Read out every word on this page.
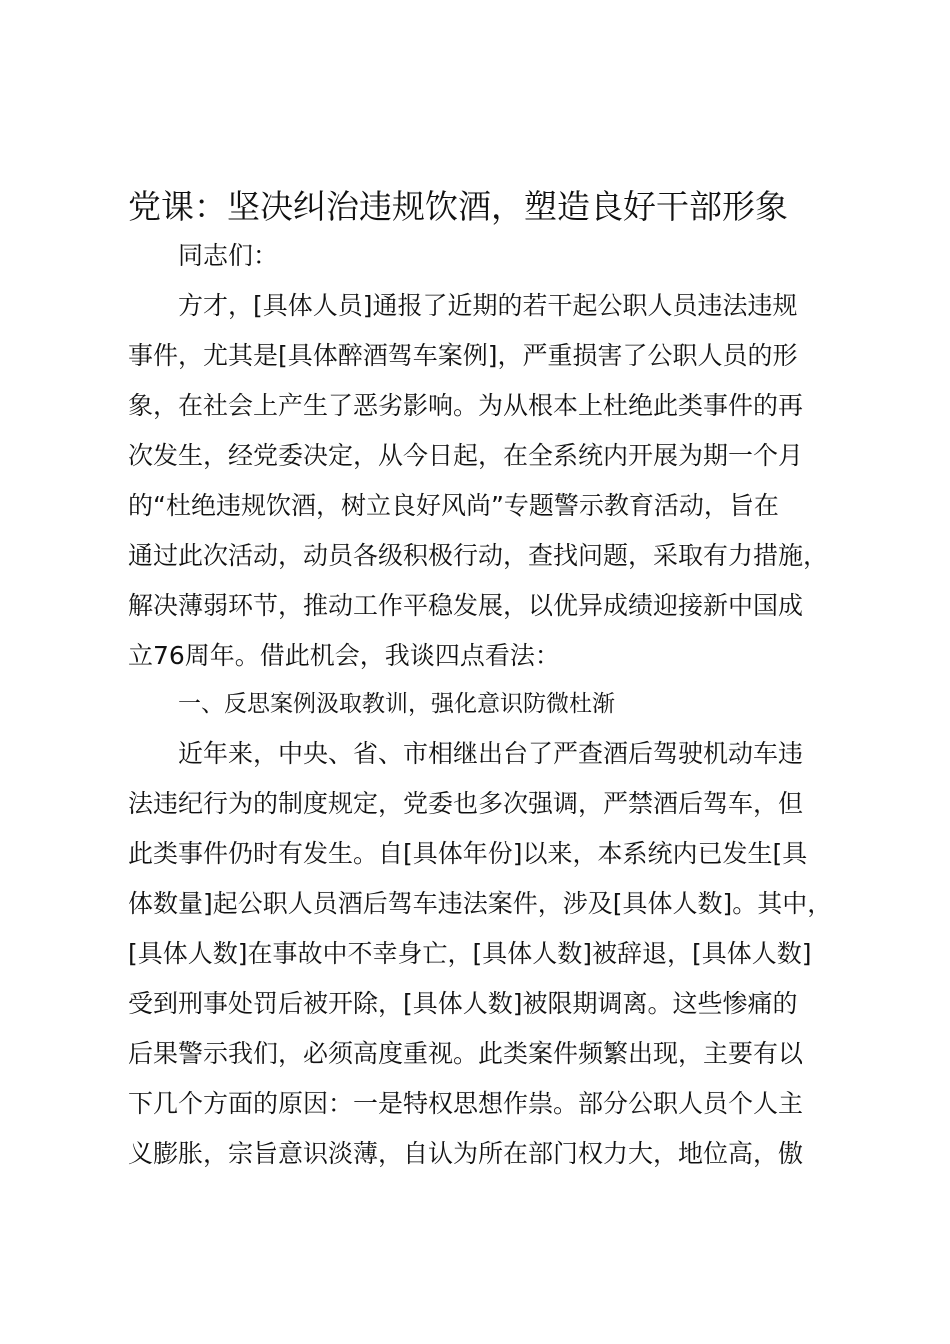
党课：坚决纠治违规饮酒，塑造良好干部形象
同志们：
方才，[具体人员]通报了近期的若干起公职人员违法违规
事件，尤其是[具体醉酒驾车案例]，严重损害了公职人员的形
象，在社会上产生了恶劣影响。为从根本上杜绝此类事件的再
次发生，经党委决定，从今日起，在全系统内开展为期一个月
的“杜绝违规饮酒，树立良好风尚”专题警示教育活动，旨在
通过此次活动，动员各级积极行动，查找问题，采取有力措施，
解决薄弱环节，推动工作平稳发展，以优异成绩迎接新中国成
立76周年。借此机会，我谈四点看法：
一、反思案例汲取教训，强化意识防微杜渐
近年来，中央、省、市相继出台了严查酒后驾驶机动车违
法违纪行为的制度规定，党委也多次强调，严禁酒后驾车，但
此类事件仍时有发生。自[具体年份]以来，本系统内已发生[具
体数量]起公职人员酒后驾车违法案件，涉及[具体人数]。其中，
[具体人数]在事故中不幸身亡，[具体人数]被辞退，[具体人数]
受到刑事处罚后被开除，[具体人数]被限期调离。这些惨痛的
后果警示我们，必须高度重视。此类案件频繁出现，主要有以
下几个方面的原因：一是特权思想作祟。部分公职人员个人主
义膨胀，宗旨意识淡薄，自认为所在部门权力大，地位高，傲
